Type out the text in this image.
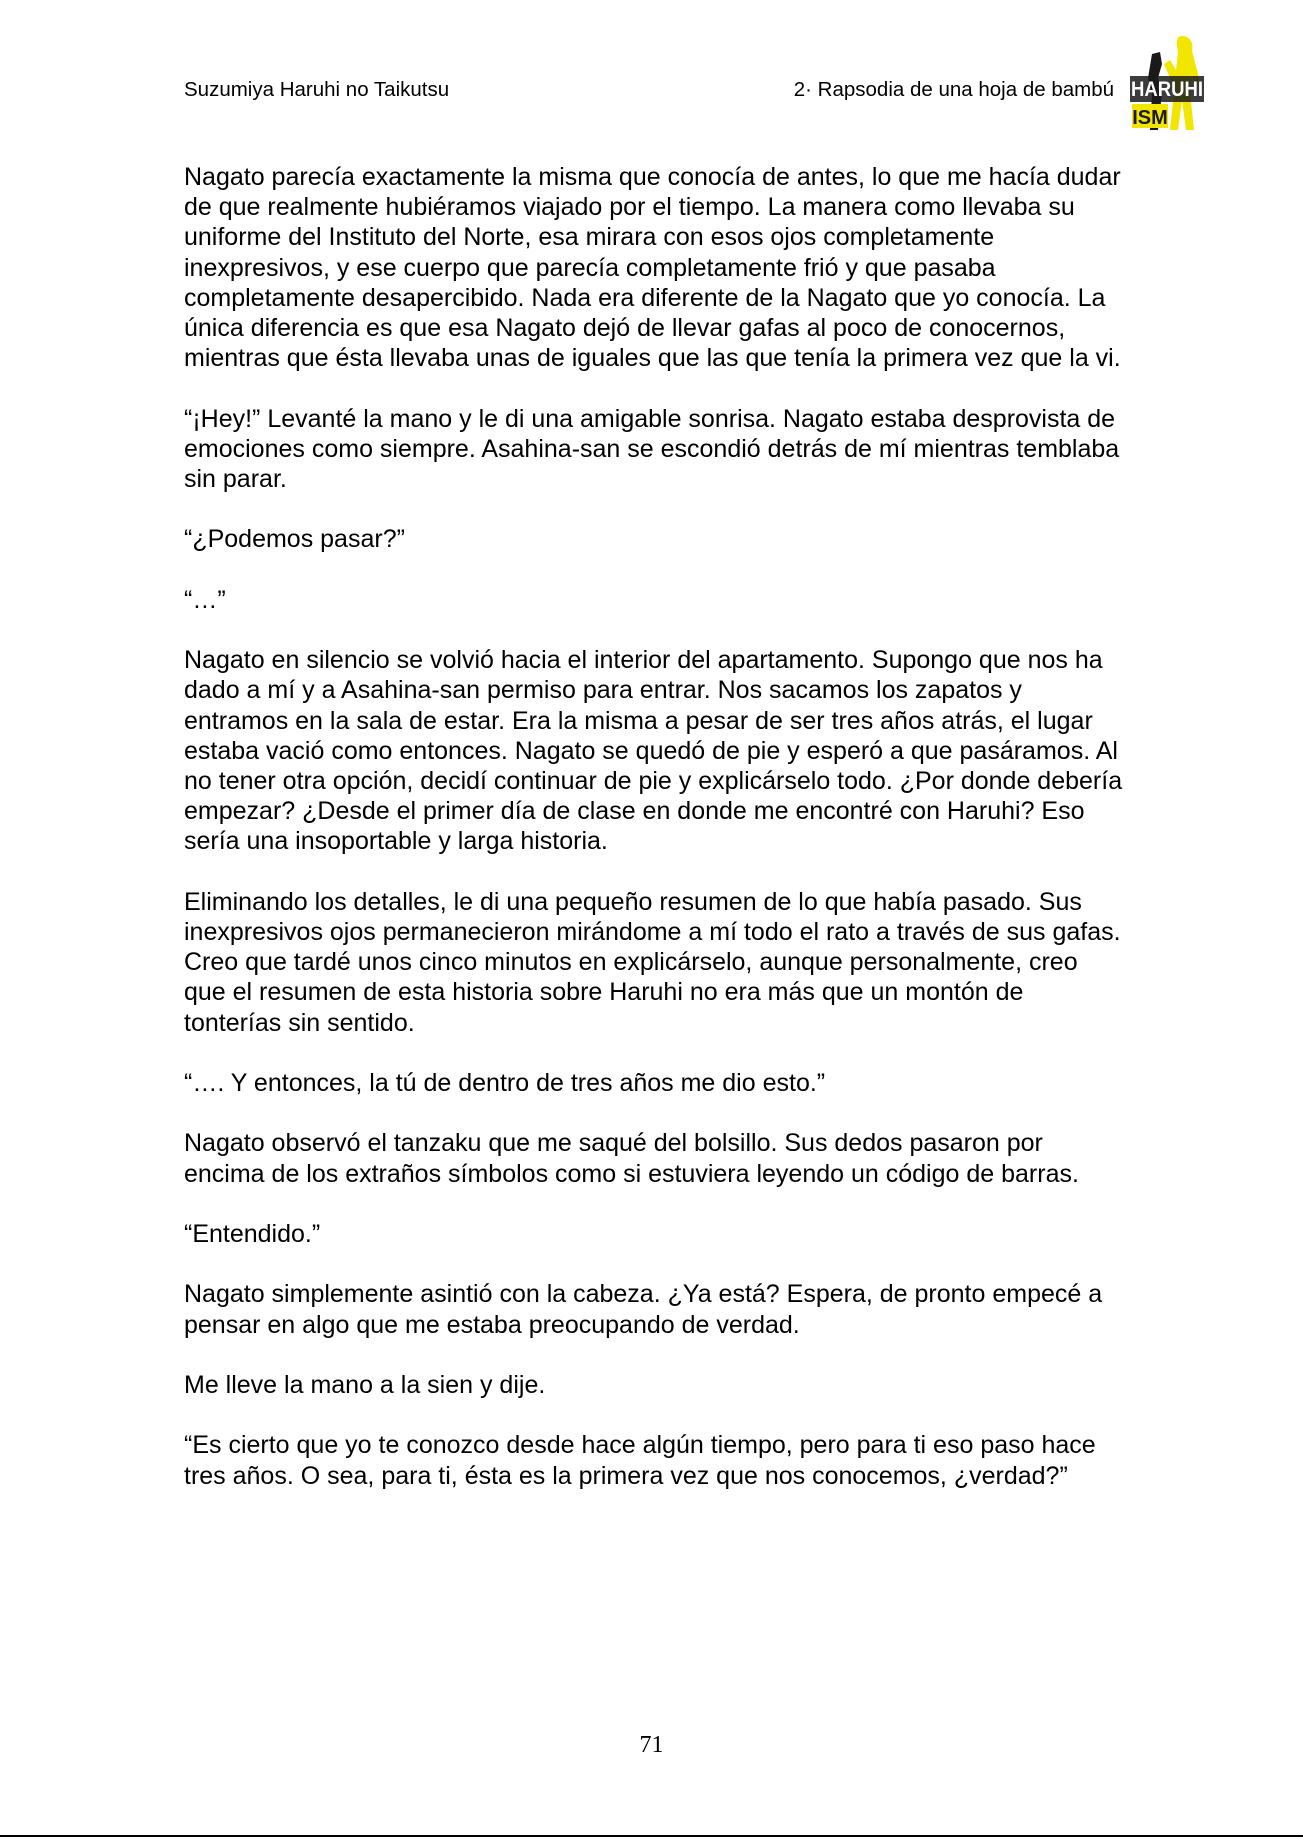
Suzumiya Haruhi no Taikutsu	2· Rapsodia de una hoja de bambú HARUHI
ISM

Nagato parecía exactamente la misma que conocía de antes, lo que me hacía dudar de que realmente hubiéramos viajado por el tiempo. La manera como llevaba su uniforme del Instituto del Norte, esa mirara con esos ojos completamente inexpresivos, y ese cuerpo que parecía completamente frió y que pasaba completamente desapercibido. Nada era diferente de la Nagato que yo conocía. La única diferencia es que esa Nagato dejó de llevar gafas al poco de conocernos, mientras que ésta llevaba unas de iguales que las que tenía la primera vez que la vi.

“¡Hey!” Levanté la mano y le di una amigable sonrisa. Nagato estaba desprovista de emociones como siempre. Asahina-san se escondió detrás de mí mientras temblaba sin parar.

“¿Podemos pasar?”

“…”

Nagato en silencio se volvió hacia el interior del apartamento. Supongo que nos ha dado a mí y a Asahina-san permiso para entrar. Nos sacamos los zapatos y entramos en la sala de estar. Era la misma a pesar de ser tres años atrás, el lugar estaba vació como entonces. Nagato se quedó de pie y esperó a que pasáramos. Al no tener otra opción, decidí continuar de pie y explicárselo todo. ¿Por donde debería empezar? ¿Desde el primer día de clase en donde me encontré con Haruhi? Eso sería una insoportable y larga historia.

Eliminando los detalles, le di una pequeño resumen de lo que había pasado. Sus inexpresivos ojos permanecieron mirándome a mí todo el rato a través de sus gafas. Creo que tardé unos cinco minutos en explicárselo, aunque personalmente, creo que el resumen de esta historia sobre Haruhi no era más que un montón de tonterías sin sentido.

“…. Y entonces, la tú de dentro de tres años me dio esto.”

Nagato observó el tanzaku que me saqué del bolsillo. Sus dedos pasaron por encima de los extraños símbolos como si estuviera leyendo un código de barras.

“Entendido.”

Nagato simplemente asintió con la cabeza. ¿Ya está? Espera, de pronto empecé a pensar en algo que me estaba preocupando de verdad.

Me lleve la mano a la sien y dije.

“Es cierto que yo te conozco desde hace algún tiempo, pero para ti eso paso hace tres años. O sea, para ti, ésta es la primera vez que nos conocemos, ¿verdad?”

71
